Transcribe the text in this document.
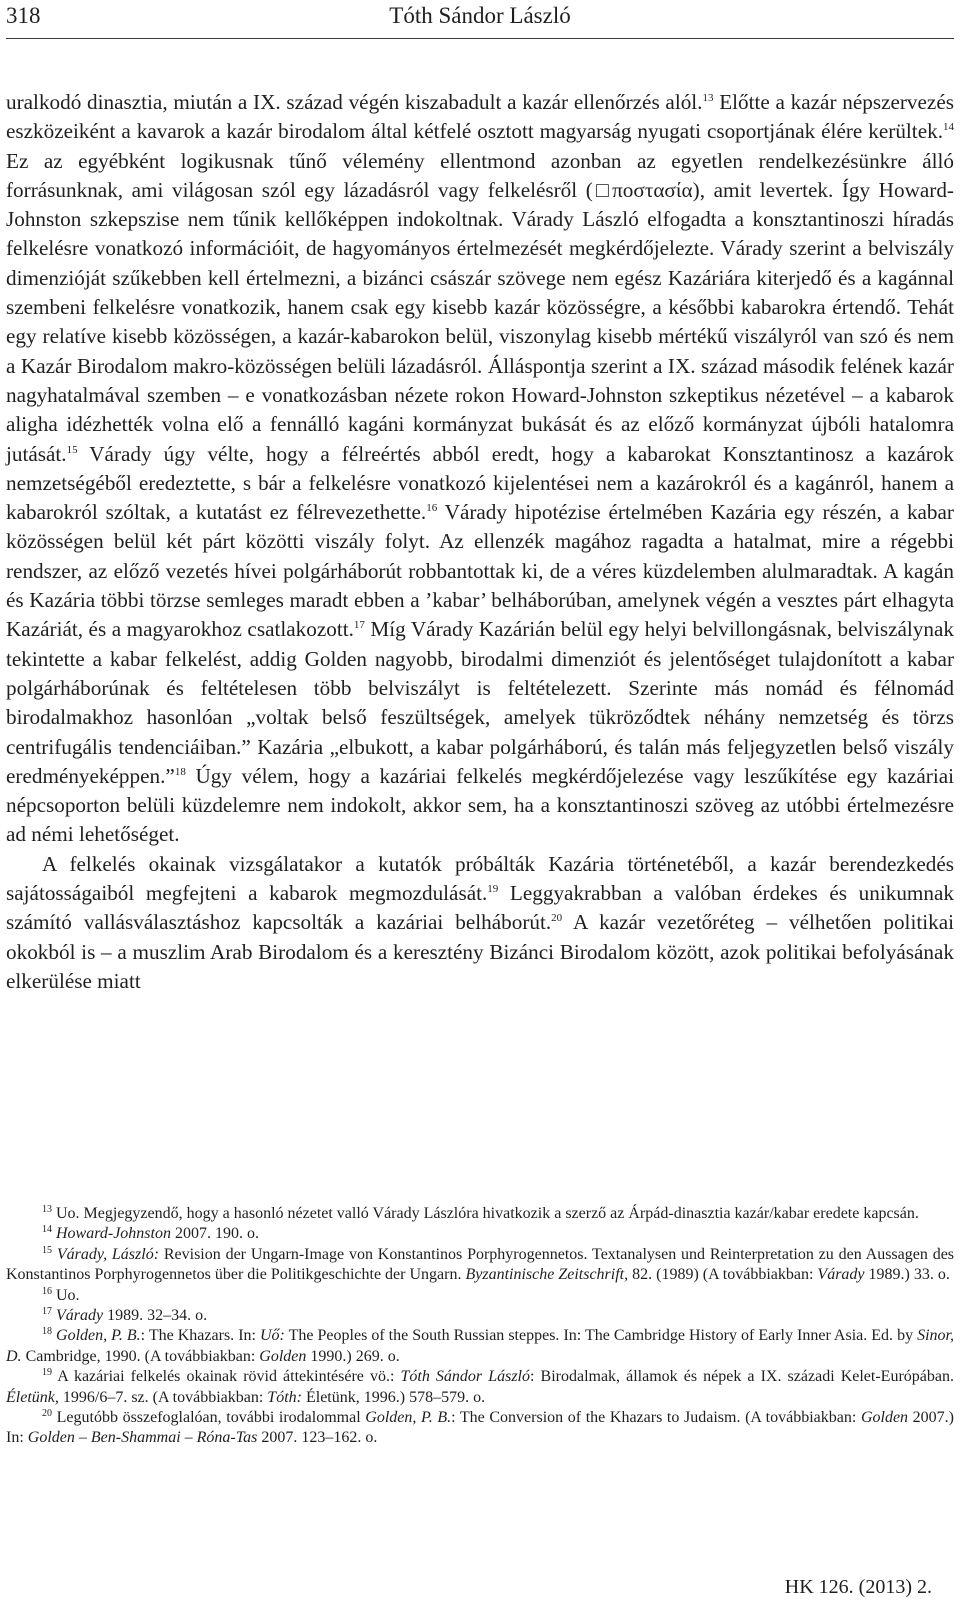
318	Tóth Sándor László

uralkodó dinasztia, miután a IX. század végén kiszabadult a kazár ellenőrzés alól.$^{13}$ Előtte a kazár népszervezés eszközeiként a kavarok a kazár birodalom által kétfelé osztott magyarság nyugati csoportjának élére kerültek.$^{14}$ Ez az egyébként logikusnak tűnő vélemény ellentmond azonban az egyetlen rendelkezésünkre álló forrásunknak, ami világosan szól egy lázadásról vagy felkelésről (□ποστασία), amit levertek. Így Howard-Johnston szkepszise nem tűnik kellőképpen indokoltnak. Várady László elfogadta a konsztantinoszi híradás felkelésre vonatkozó információit, de hagyományos értelmezését megkérdőjelezte. Várady szerint a belviszály dimenzióját szűkebben kell értelmezni, a bizánci császár szövege nem egész Kazáriára kiterjedő és a kagánnal szembeni felkelésre vonatkozik, hanem csak egy kisebb kazár közösségre, a későbbi kabarokra értendő. Tehát egy relatíve kisebb közösségen, a kazár-kabarokon belül, viszonylag kisebb mértékű viszályról van szó és nem a Kazár Birodalom makro-közösségen belüli lázadásról. Álláspontja szerint a IX. század második felének kazár nagyhatalmával szemben – e vonatkozásban nézete rokon Howard-Johnston szkeptikus nézetével – a kabarok aligha idézhették volna elő a fennálló kagáni kormányzat bukását és az előző kormányzat újbóli hatalomra jutását.$^{15}$ Várady úgy vélte, hogy a félreértés abból eredt, hogy a kabarokat Konsztantinosz a kazárok nemzetségéből eredeztette, s bár a felkelésre vonatkozó kijelentései nem a kazárokról és a kagánról, hanem a kabarokról szóltak, a kutatást ez félrevezethette.$^{16}$ Várady hipotézise értelmében Kazária egy részén, a kabar közösségen belül két párt közötti viszály folyt. Az ellenzék magához ragadta a hatalmat, mire a régebbi rendszer, az előző vezetés hívei polgárháborút robbantottak ki, de a véres küzdelemben alulmaradtak. A kagán és Kazária többi törzse semleges maradt ebben a ’kabar’ belháborúban, amelynek végén a vesztes párt elhagyta Kazáriát, és a magyarokhoz csatlakozott.$^{17}$ Míg Várady Kazárián belül egy helyi belvillongásnak, belviszálynak tekintette a kabar felkelést, addig Golden nagyobb, birodalmi dimenziót és jelentőséget tulajdonított a kabar polgárháborúnak és feltételesen több belviszályt is feltételezett. Szerinte más nomád és félnomád birodalmakhoz hasonlóan „voltak belső feszültségek, amelyek tükröződtek néhány nemzetség és törzs centrifugális tendenciáiban.” Kazária „elbukott, a kabar polgárháború, és talán más feljegyzetlen belső viszály eredményeképpen.”$^{18}$ Úgy vélem, hogy a kazáriai felkelés megkérdőjelezése vagy leszűkítése egy kazáriai népcsoporton belüli küzdelemre nem indokolt, akkor sem, ha a konsztantinoszi szöveg az utóbbi értelmezésre ad némi lehetőséget.

A felkelés okainak vizsgálatakor a kutatók próbálták Kazária történetéből, a kazár berendezkedés sajátosságaiból megfejteni a kabarok megmozdulását.$^{19}$ Leggyakrabban a valóban érdekes és unikumnak számító vallásválasztáshoz kapcsolták a kazáriai belháborút.$^{20}$ A kazár vezetőréteg – vélhetően politikai okokból is – a muszlim Arab Birodalom és a keresztény Bizánci Birodalom között, azok politikai befolyásának elkerülése miatt

$^{13}$ Uo. Megjegyzendő, hogy a hasonló nézetet valló Várady Lászlóra hivatkozik a szerző az Árpád-dinasztia kazár/kabar eredete kapcsán.

$^{14}$ Howard-Johnston 2007. 190. o.

$^{15}$ Várady, László: Revision der Ungarn-Image von Konstantinos Porphyrogennetos. Textanalysen und Reinterpretation zu den Aussagen des Konstantinos Porphyrogennetos über die Politikgeschichte der Ungarn. Byzantinische Zeitschrift, 82. (1989) (A továbbiakban: Várady 1989.) 33. o.

$^{16}$ Uo.

$^{17}$ Várady 1989. 32–34. o.

$^{18}$ Golden, P. B.: The Khazars. In: Uő: The Peoples of the South Russian steppes. In: The Cambridge History of Early Inner Asia. Ed. by Sinor, D. Cambridge, 1990. (A továbbiakban: Golden 1990.) 269. o.

$^{19}$ A kazáriai felkelés okainak rövid áttekintésére vö.: Tóth Sándor László: Birodalmak, államok és népek a IX. századi Kelet-Európában. Életünk, 1996/6–7. sz. (A továbbiakban: Tóth: Életünk, 1996.) 578–579. o.

$^{20}$ Legutóbb összefoglalóan, további irodalommal Golden, P. B.: The Conversion of the Khazars to Judaism. (A továbbiakban: Golden 2007.) In: Golden – Ben-Shammai – Róna-Tas 2007. 123–162. o.

HK 126. (2013) 2.
